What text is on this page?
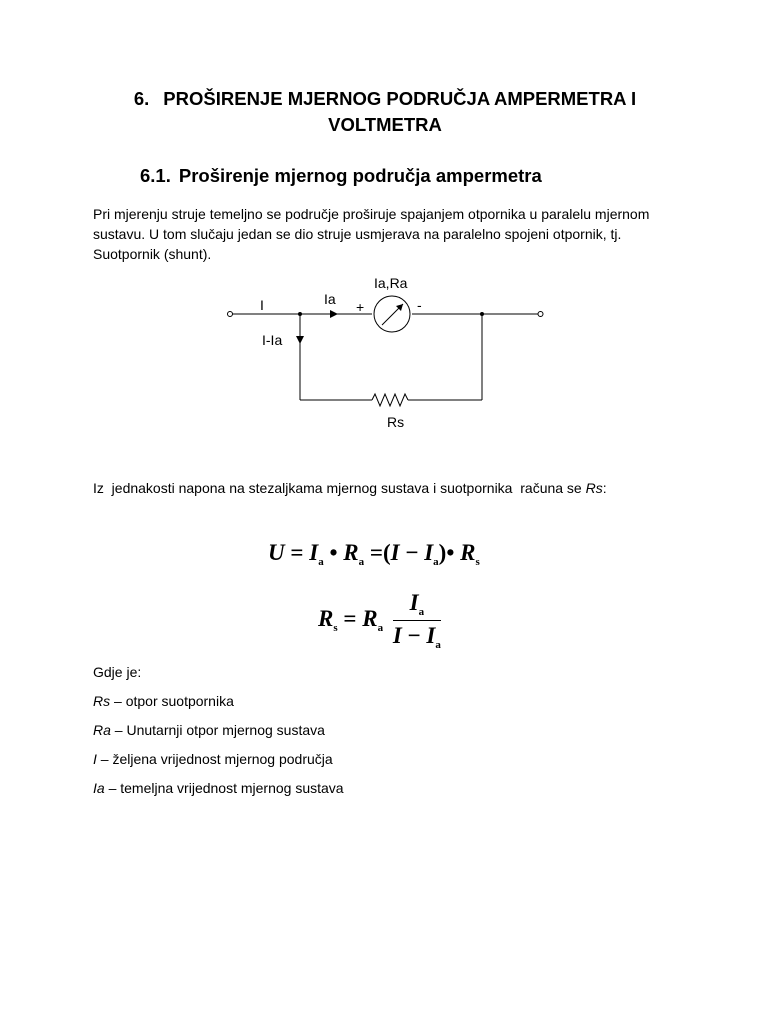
6. PROŠIRENJE MJERNOG PODRUČJA AMPERMETRA I VOLTMETRA
6.1. Proširenje mjernog područja ampermetra
Pri mjerenju struje temeljno se područje proširuje spajanjem otpornika u paralelu mjernom sustavu. U tom slučaju jedan se dio struje usmjerava na paralelno spojeni otpornik, tj. Suotpornik (shunt).
I	Ia
Ia,Ra
+	-
I-Ia
Rs
Iz  jednakosti napona na stezaljkama mjernog sustava i suotpornika  računa se Rs:
$U = I_a$ • $R_a =(I$ − $I_a)•$ $R_s$
$R_s = R_a \frac{I_a}{I - I_a}$
Gdje je:
Rs – otpor suotpornika
Ra – Unutarnji otpor mjernog sustava
I – željena vrijednost mjernog područja
Ia – temeljna vrijednost mjernog sustava
